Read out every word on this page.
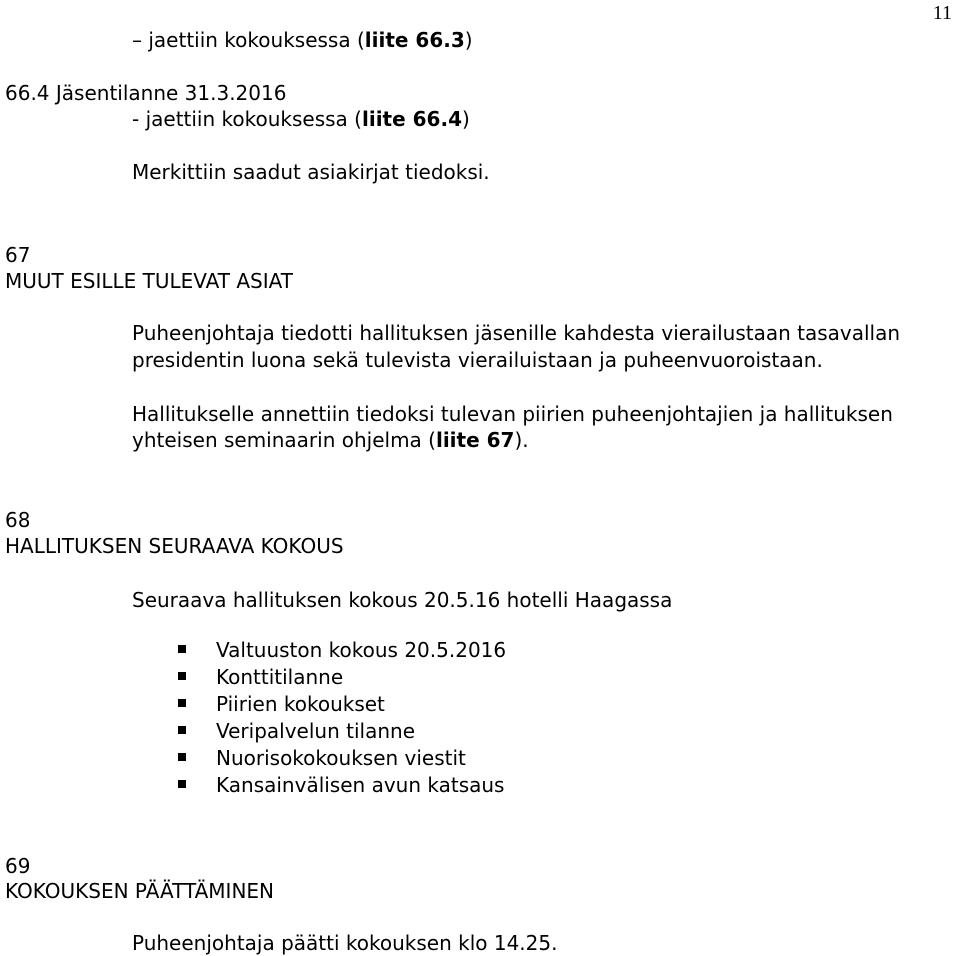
11
– jaettiin kokouksessa (liite 66.3)
66.4 Jäsentilanne 31.3.2016
- jaettiin kokouksessa (liite 66.4)
Merkittiin saadut asiakirjat tiedoksi.
67
MUUT ESILLE TULEVAT ASIAT
Puheenjohtaja tiedotti hallituksen jäsenille kahdesta vierailustaan tasavallan
presidentin luona sekä tulevista vierailuistaan ja puheenvuoroistaan.
Hallitukselle annettiin tiedoksi tulevan piirien puheenjohtajien ja hallituksen
yhteisen seminaarin ohjelma (liite 67).
68
HALLITUKSEN SEURAAVA KOKOUS
Seuraava hallituksen kokous 20.5.16 hotelli Haagassa
Valtuuston kokous 20.5.2016
Konttitilanne
Piirien kokoukset
Veripalvelun tilanne
Nuorisokokouksen viestit
Kansainvälisen avun katsaus
69
KOKOUKSEN PÄÄTTÄMINEN
Puheenjohtaja päätti kokouksen klo 14.25.
